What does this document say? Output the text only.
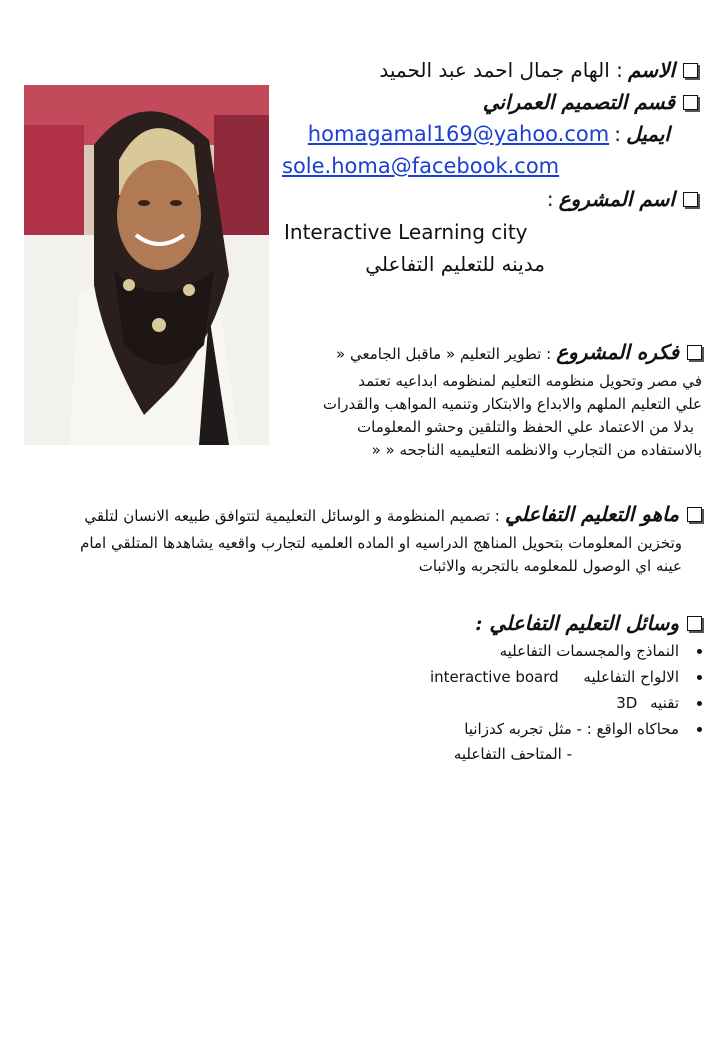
الاسم : الهام جمال احمد عبد الحميد
قسم التصميم العمراني
ايميل : homagamal169@yahoo.com
sole.homa@facebook.com
اسم المشروع :
Interactive Learning city
مدينه للتعليم التفاعلي
فكره المشروع : تطوير التعليم « ماقبل الجامعي «
في مصر وتحويل منظومه التعليم لمنظومه ابداعيه تعتمد
علي التعليم الملهم والابداع والابتكار وتنميه المواهب والقدرات
بدلا من الاعتماد علي الحفظ والتلقين وحشو المعلومات
بالاستفاده من التجارب والانظمه التعليميه الناجحه « «
ماهو التعليم التفاعلي : تصميم المنظومة و الوسائل التعليمية لتتوافق طبيعه الانسان لتلقي
وتخزين المعلومات بتحويل المناهج الدراسيه او الماده العلميه لتجارب واقعيه يشاهدها المتلقي امام
عينه اي الوصول للمعلومه بالتجربه والاثبات
وسائل التعليم التفاعلي :
النماذج والمجسمات التفاعليه
الالواح التفاعليه interactive board
تقنيه 3D
محاكاه الواقع : - مثل تجربه كدزانيا
- المتاحف التفاعليه
